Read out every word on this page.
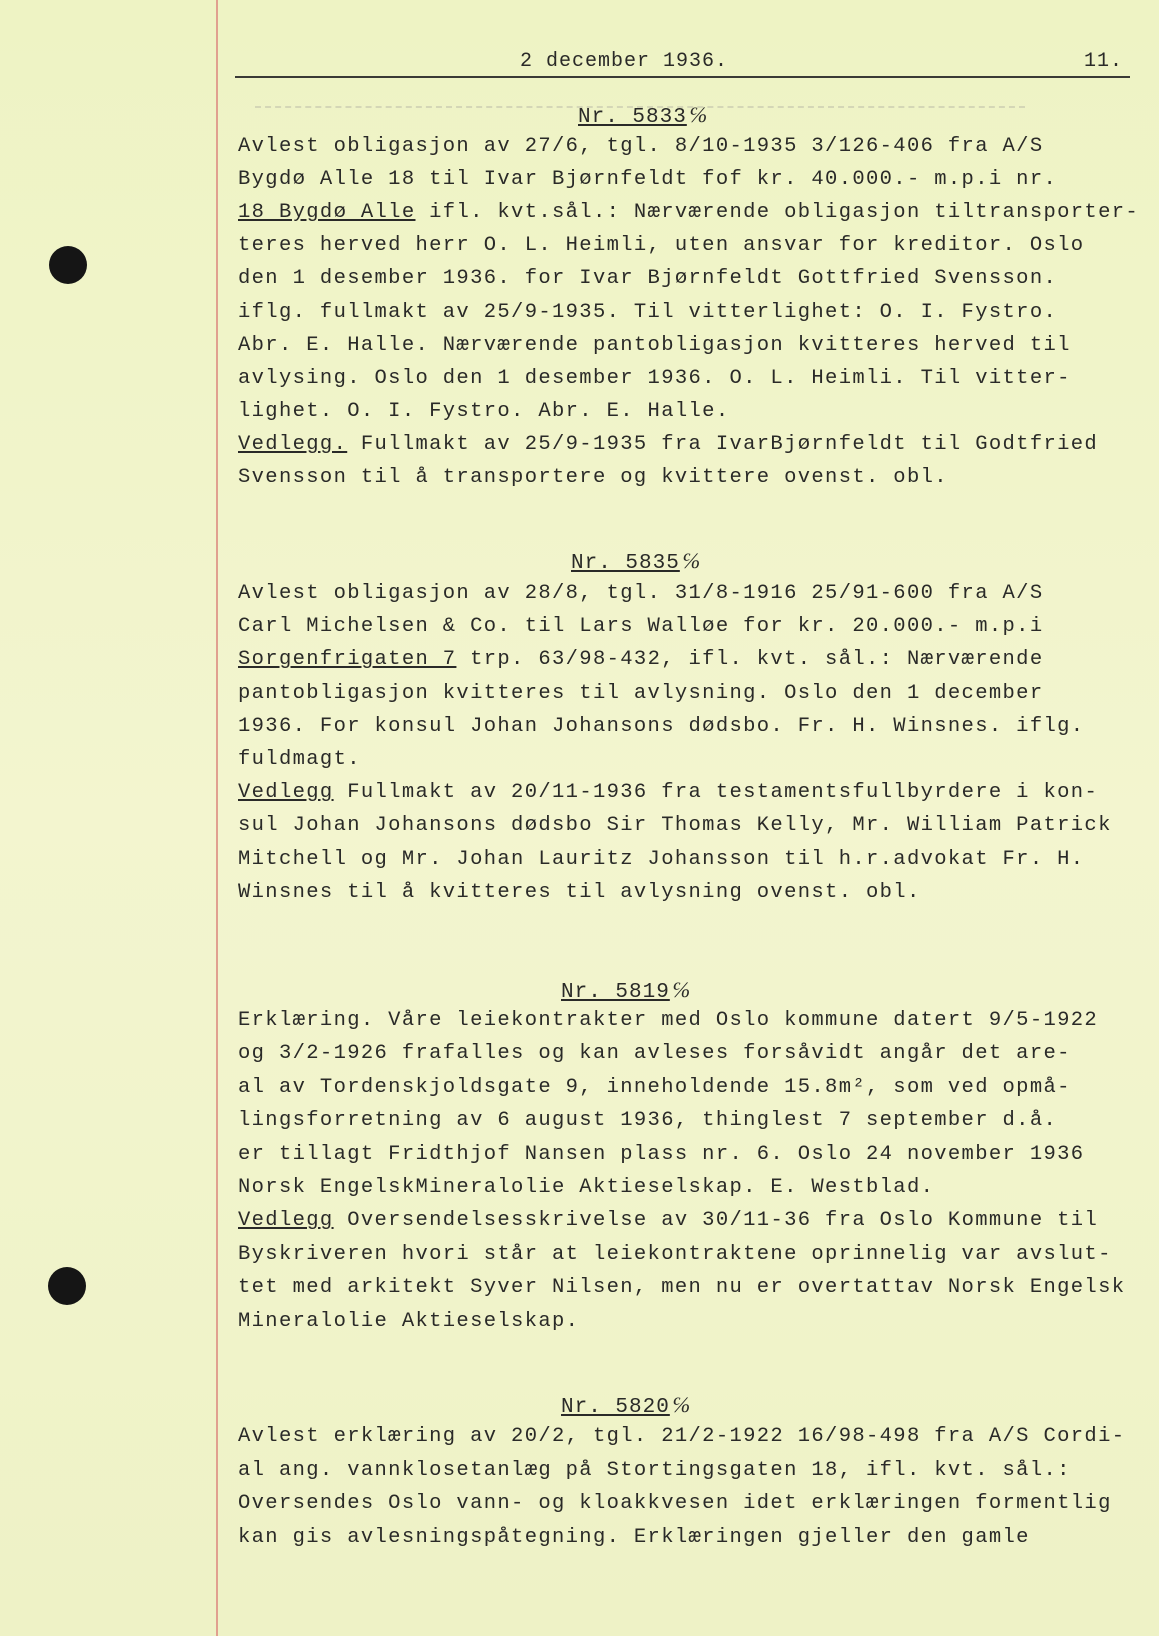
2 december 1936.	11.
Nr. 5833℅
Avlest obligasjon av 27/6, tgl. 8/10-1935 3/126-406 fra A/S
Bygdø Alle 18 til Ivar Bjørnfeldt fof kr. 40.000.- m.p.i nr.
18 Bygdø Alle ifl. kvt.sål.: Nærværende obligasjon tiltransporter-
teres herved herr O. L. Heimli, uten ansvar for kreditor. Oslo
den 1 desember 1936. for Ivar Bjørnfeldt Gottfried Svensson.
iflg. fullmakt av 25/9-1935. Til vitterlighet: O. I. Fystro.
Abr. E. Halle. Nærværende pantobligasjon kvitteres herved til
avlysing. Oslo den 1 desember 1936. O. L. Heimli. Til vitter-
lighet. O. I. Fystro. Abr. E. Halle.
Vedlegg. Fullmakt av 25/9-1935 fra IvarBjørnfeldt til Godtfried
Svensson til å transportere og kvittere ovenst. obl.
Nr. 5835℅
Avlest obligasjon av 28/8, tgl. 31/8-1916 25/91-600 fra A/S
Carl Michelsen & Co. til Lars Walløe for kr. 20.000.- m.p.i
Sorgenfrigaten 7 trp. 63/98-432, ifl. kvt. sål.: Nærværende
pantobligasjon kvitteres til avlysning. Oslo den 1 december
1936. For konsul Johan Johansons dødsbo. Fr. H. Winsnes. iflg.
fuldmagt.
Vedlegg Fullmakt av 20/11-1936 fra testamentsfullbyrdere i kon-
sul Johan Johansons dødsbo Sir Thomas Kelly, Mr. William Patrick
Mitchell og Mr. Johan Lauritz Johansson til h.r.advokat Fr. H.
Winsnes til å kvitteres til avlysning ovenst. obl.
Nr. 5819℅
Erklæring. Våre leiekontrakter med Oslo kommune datert 9/5-1922
og 3/2-1926 frafalles og kan avleses forsåvidt angår det are-
al av Tordenskjoldsgate 9, inneholdende 15.8m², som ved opmå-
lingsforretning av 6 august 1936, thinglest 7 september d.å.
er tillagt Fridthjof Nansen plass nr. 6. Oslo 24 november 1936
Norsk EngelskMineralolie Aktieselskap. E. Westblad.
Vedlegg Oversendelsesskrivelse av 30/11-36 fra Oslo Kommune til
Byskriveren hvori står at leiekontraktene oprinnelig var avslut-
tet med arkitekt Syver Nilsen, men nu er overtattav Norsk Engelsk
Mineralolie Aktieselskap.
Nr. 5820℅
Avlest erklæring av 20/2, tgl. 21/2-1922 16/98-498 fra A/S Cordi-
al ang. vannklosetanlæg på Stortingsgaten 18, ifl. kvt. sål.:
Oversendes Oslo vann- og kloakkvesen idet erklæringen formentlig
kan gis avlesningspåtegning. Erklæringen gjeller den gamle
